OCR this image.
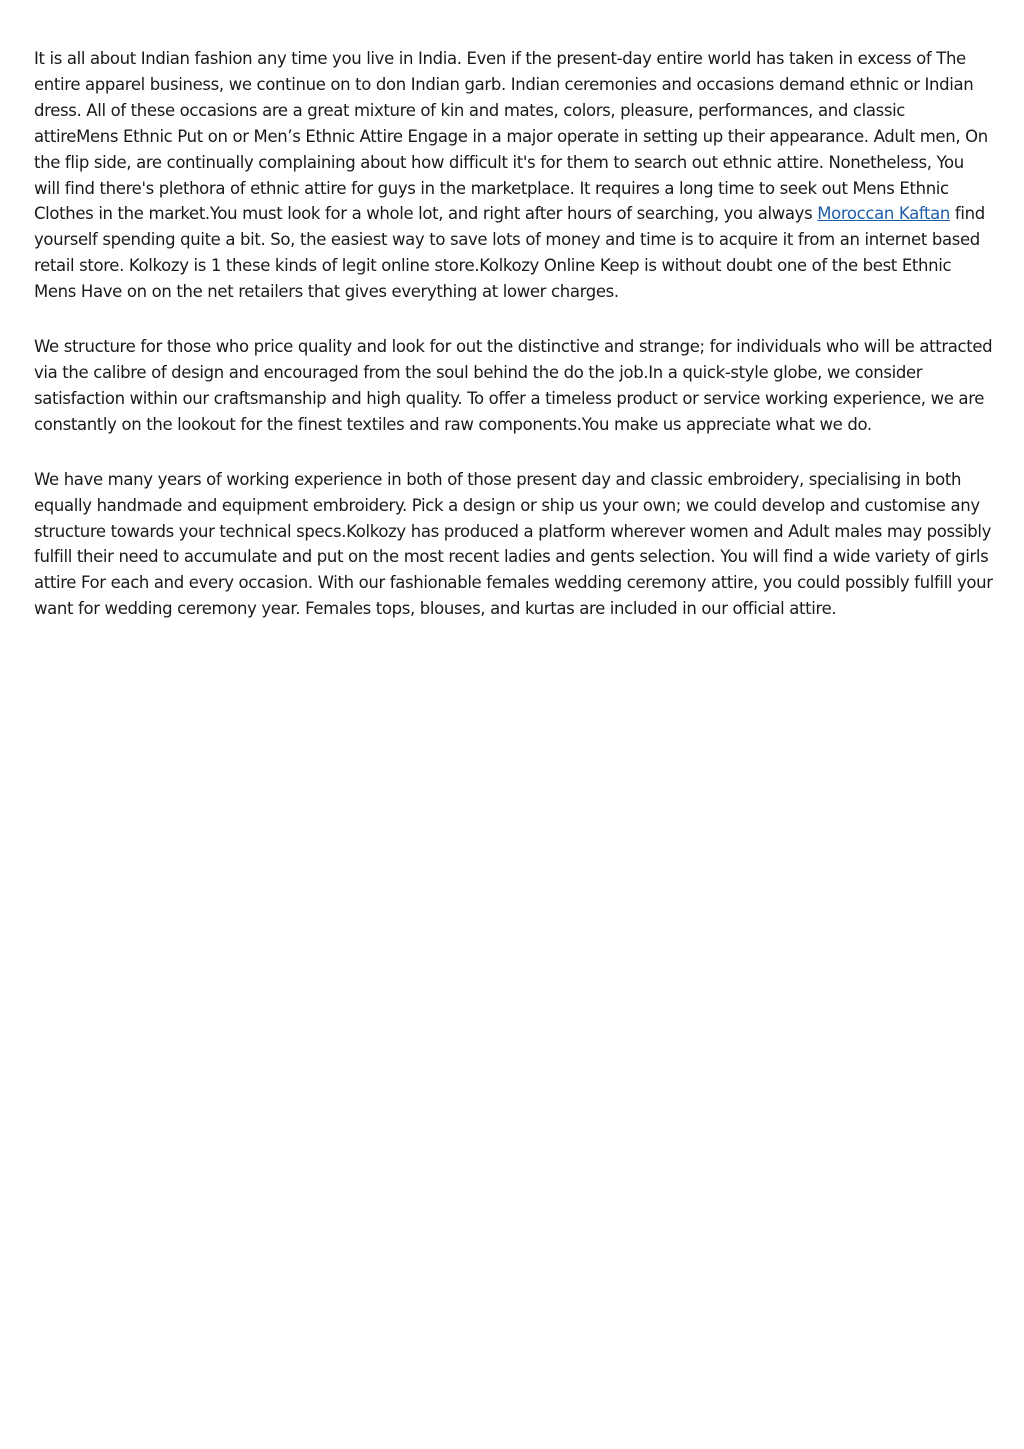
It is all about Indian fashion any time you live in India. Even if the present-day entire world has taken in excess of The entire apparel business, we continue on to don Indian garb. Indian ceremonies and occasions demand ethnic or Indian dress. All of these occasions are a great mixture of kin and mates, colors, pleasure, performances, and classic attireMens Ethnic Put on or Men’s Ethnic Attire Engage in a major operate in setting up their appearance. Adult men, On the flip side, are continually complaining about how difficult it's for them to search out ethnic attire. Nonetheless, You will find there's plethora of ethnic attire for guys in the marketplace. It requires a long time to seek out Mens Ethnic Clothes in the market.You must look for a whole lot, and right after hours of searching, you always Moroccan Kaftan find yourself spending quite a bit. So, the easiest way to save lots of money and time is to acquire it from an internet based retail store. Kolkozy is 1 these kinds of legit online store.Kolkozy Online Keep is without doubt one of the best Ethnic Mens Have on on the net retailers that gives everything at lower charges.

We structure for those who price quality and look for out the distinctive and strange; for individuals who will be attracted via the calibre of design and encouraged from the soul behind the do the job.In a quick-style globe, we consider satisfaction within our craftsmanship and high quality. To offer a timeless product or service working experience, we are constantly on the lookout for the finest textiles and raw components.You make us appreciate what we do.

We have many years of working experience in both of those present day and classic embroidery, specialising in both equally handmade and equipment embroidery. Pick a design or ship us your own; we could develop and customise any structure towards your technical specs.Kolkozy has produced a platform wherever women and Adult males may possibly fulfill their need to accumulate and put on the most recent ladies and gents selection. You will find a wide variety of girls attire For each and every occasion. With our fashionable females wedding ceremony attire, you could possibly fulfill your want for wedding ceremony year. Females tops, blouses, and kurtas are included in our official attire.
